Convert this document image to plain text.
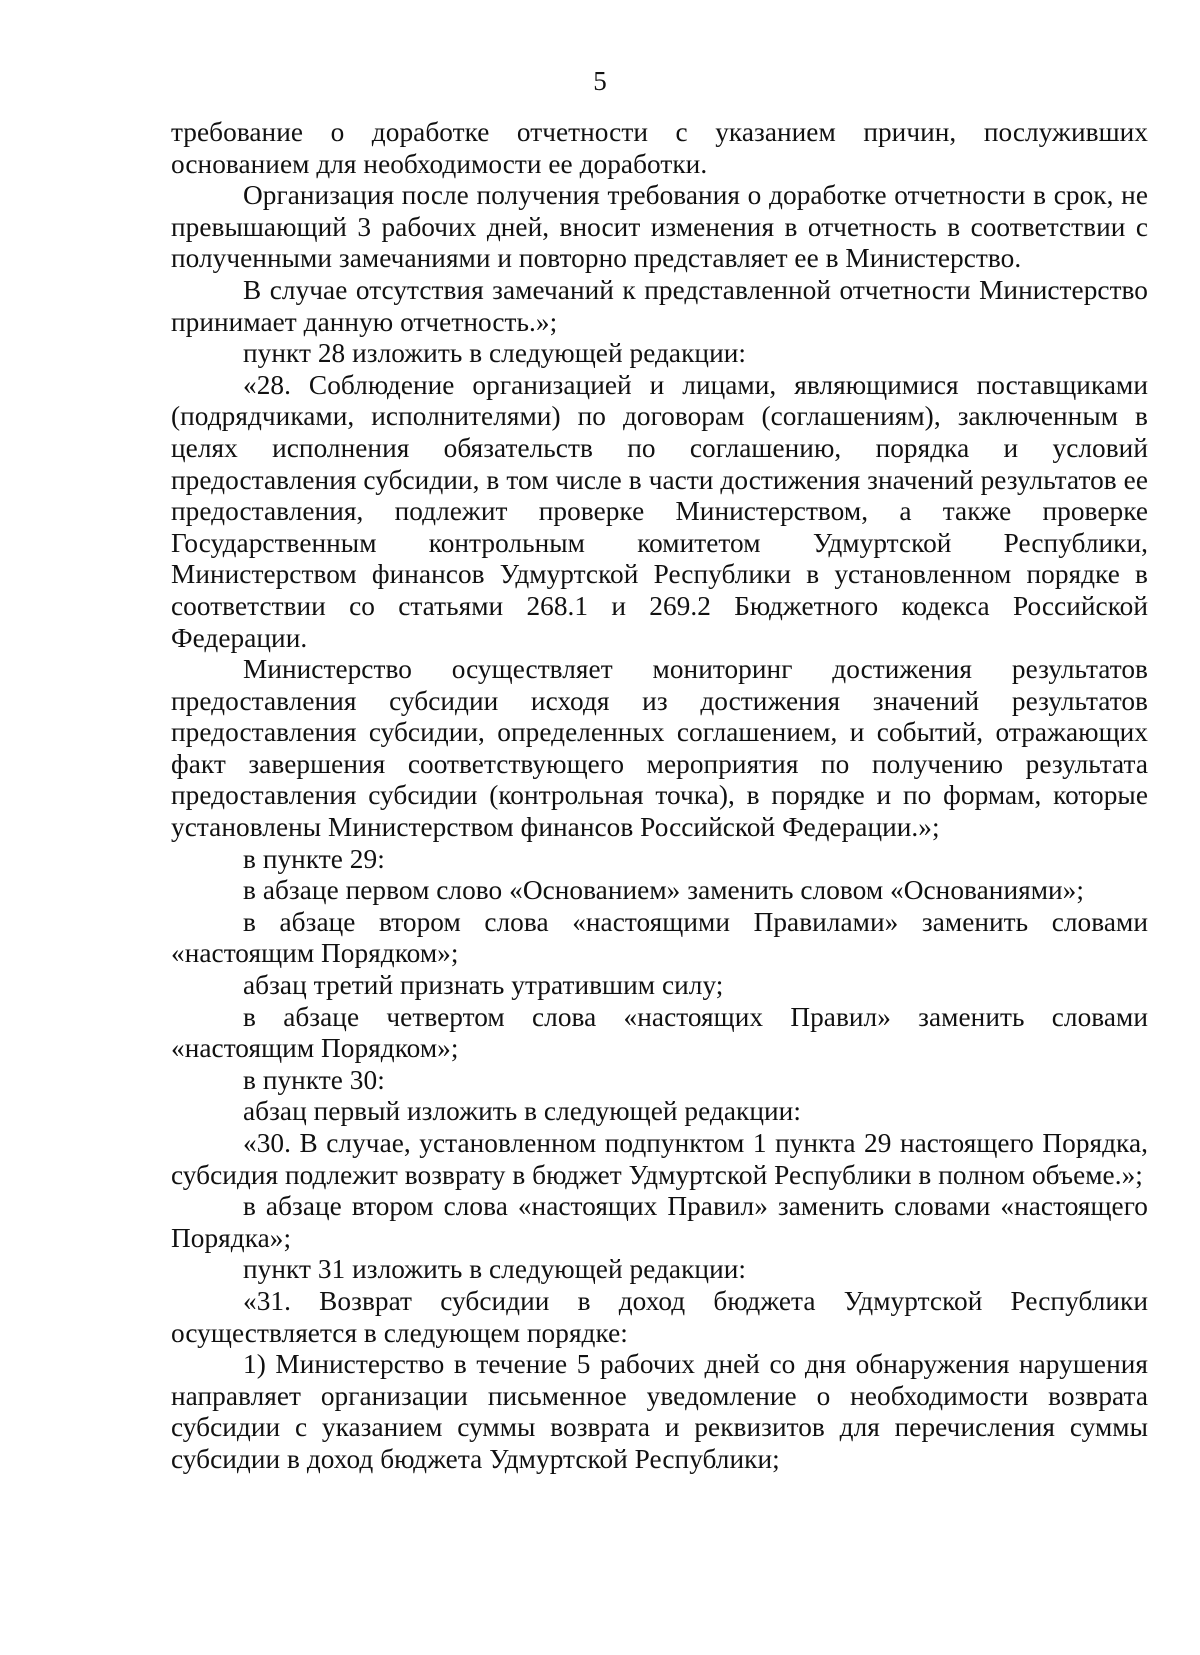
5

требование о доработке отчетности с указанием причин, послуживших основанием для необходимости ее доработки.

Организация после получения требования о доработке отчетности в срок, не превышающий 3 рабочих дней, вносит изменения в отчетность в соответствии с полученными замечаниями и повторно представляет ее в Министерство.

В случае отсутствия замечаний к представленной отчетности Министерство принимает данную отчетность.»;

пункт 28 изложить в следующей редакции:

«28. Соблюдение организацией и лицами, являющимися поставщиками (подрядчиками, исполнителями) по договорам (соглашениям), заключенным в целях исполнения обязательств по соглашению, порядка и условий предоставления субсидии, в том числе в части достижения значений результатов ее предоставления, подлежит проверке Министерством, а также проверке Государственным контрольным комитетом Удмуртской Республики, Министерством финансов Удмуртской Республики в установленном порядке в соответствии со статьями 268.1 и 269.2 Бюджетного кодекса Российской Федерации.

Министерство осуществляет мониторинг достижения результатов предоставления субсидии исходя из достижения значений результатов предоставления субсидии, определенных соглашением, и событий, отражающих факт завершения соответствующего мероприятия по получению результата предоставления субсидии (контрольная точка), в порядке и по формам, которые установлены Министерством финансов Российской Федерации.»;

в пункте 29:

в абзаце первом слово «Основанием» заменить словом «Основаниями»;

в абзаце втором слова «настоящими Правилами» заменить словами «настоящим Порядком»;

абзац третий признать утратившим силу;

в абзаце четвертом слова «настоящих Правил» заменить словами «настоящим Порядком»;

в пункте 30:

абзац первый изложить в следующей редакции:

«30. В случае, установленном подпунктом 1 пункта 29 настоящего Порядка, субсидия подлежит возврату в бюджет Удмуртской Республики в полном объеме.»;

в абзаце втором слова «настоящих Правил» заменить словами «настоящего Порядка»;

пункт 31 изложить в следующей редакции:

«31. Возврат субсидии в доход бюджета Удмуртской Республики осуществляется в следующем порядке:

1) Министерство в течение 5 рабочих дней со дня обнаружения нарушения направляет организации письменное уведомление о необходимости возврата субсидии с указанием суммы возврата и реквизитов для перечисления суммы субсидии в доход бюджета Удмуртской Республики;
